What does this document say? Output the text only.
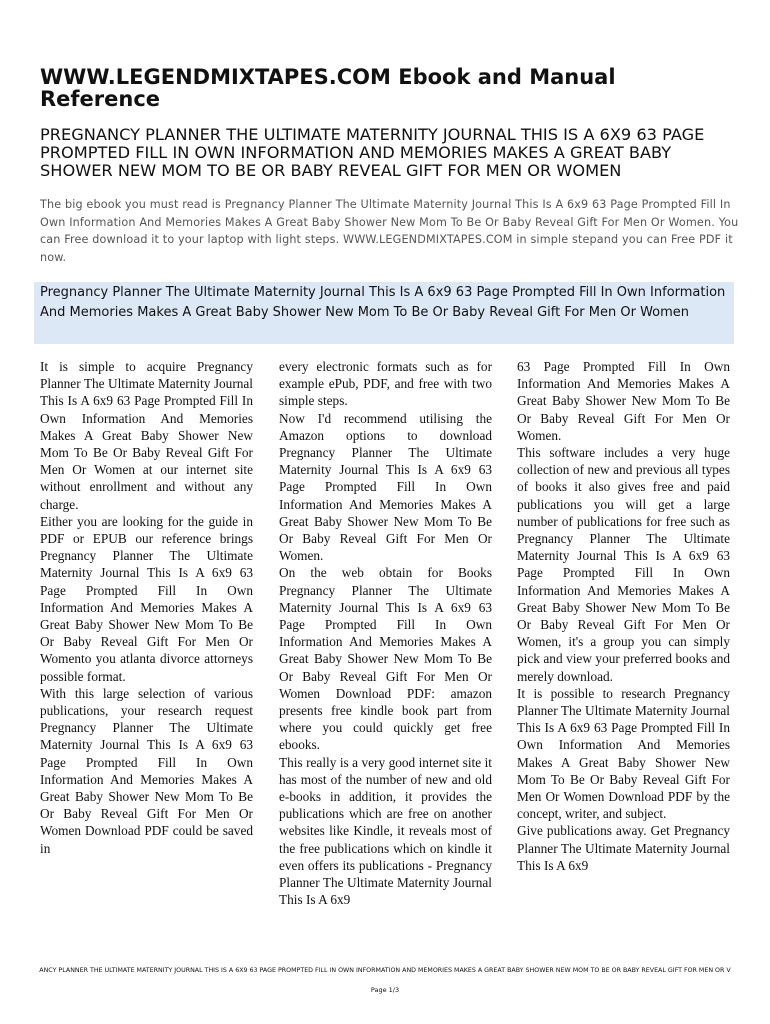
WWW.LEGENDMIXTAPES.COM Ebook and Manual Reference
PREGNANCY PLANNER THE ULTIMATE MATERNITY JOURNAL THIS IS A 6X9 63 PAGE PROMPTED FILL IN OWN INFORMATION AND MEMORIES MAKES A GREAT BABY SHOWER NEW MOM TO BE OR BABY REVEAL GIFT FOR MEN OR WOMEN

The big ebook you must read is Pregnancy Planner The Ultimate Maternity Journal This Is A 6x9 63 Page Prompted Fill In Own Information And Memories Makes A Great Baby Shower New Mom To Be Or Baby Reveal Gift For Men Or Women. You can Free download it to your laptop with light steps. WWW.LEGENDMIXTAPES.COM in simple stepand you can Free PDF it now.

Pregnancy Planner The Ultimate Maternity Journal This Is A 6x9 63 Page Prompted Fill In Own Information And Memories Makes A Great Baby Shower New Mom To Be Or Baby Reveal Gift For Men Or Women

It is simple to acquire Pregnancy Planner The Ultimate Maternity Journal This Is A 6x9 63 Page Prompted Fill In Own Information And Memories Makes A Great Baby Shower New Mom To Be Or Baby Reveal Gift For Men Or Women at our internet site without enrollment and without any charge.

Either you are looking for the guide in PDF or EPUB our reference brings Pregnancy Planner The Ultimate Maternity Journal This Is A 6x9 63 Page Prompted Fill In Own Information And Memories Makes A Great Baby Shower New Mom To Be Or Baby Reveal Gift For Men Or Womento you atlanta divorce attorneys possible format.

With this large selection of various publications, your research request Pregnancy Planner The Ultimate Maternity Journal This Is A 6x9 63 Page Prompted Fill In Own Information And Memories Makes A Great Baby Shower New Mom To Be Or Baby Reveal Gift For Men Or Women Download PDF could be saved in

every electronic formats such as for example ePub, PDF, and free with two simple steps.

Now I'd recommend utilising the Amazon options to download Pregnancy Planner The Ultimate Maternity Journal This Is A 6x9 63 Page Prompted Fill In Own Information And Memories Makes A Great Baby Shower New Mom To Be Or Baby Reveal Gift For Men Or Women.

On the web obtain for Books Pregnancy Planner The Ultimate Maternity Journal This Is A 6x9 63 Page Prompted Fill In Own Information And Memories Makes A Great Baby Shower New Mom To Be Or Baby Reveal Gift For Men Or Women Download PDF: amazon presents free kindle book part from where you could quickly get free ebooks.

This really is a very good internet site it has most of the number of new and old e-books in addition, it provides the publications which are free on another websites like Kindle, it reveals most of the free publications which on kindle it even offers its publications - Pregnancy Planner The Ultimate Maternity Journal This Is A 6x9

63 Page Prompted Fill In Own Information And Memories Makes A Great Baby Shower New Mom To Be Or Baby Reveal Gift For Men Or Women.

This software includes a very huge collection of new and previous all types of books it also gives free and paid publications you will get a large number of publications for free such as Pregnancy Planner The Ultimate Maternity Journal This Is A 6x9 63 Page Prompted Fill In Own Information And Memories Makes A Great Baby Shower New Mom To Be Or Baby Reveal Gift For Men Or Women, it's a group you can simply pick and view your preferred books and merely download.

It is possible to research Pregnancy Planner The Ultimate Maternity Journal This Is A 6x9 63 Page Prompted Fill In Own Information And Memories Makes A Great Baby Shower New Mom To Be Or Baby Reveal Gift For Men Or Women Download PDF by the concept, writer, and subject.

Give publications away. Get Pregnancy Planner The Ultimate Maternity Journal This Is A 6x9

ANCY PLANNER THE ULTIMATE MATERNITY JOURNAL THIS IS A 6X9 63 PAGE PROMPTED FILL IN OWN INFORMATION AND MEMORIES MAKES A GREAT BABY SHOWER NEW MOM TO BE OR BABY REVEAL GIFT FOR MEN OR V
Page 1/3
